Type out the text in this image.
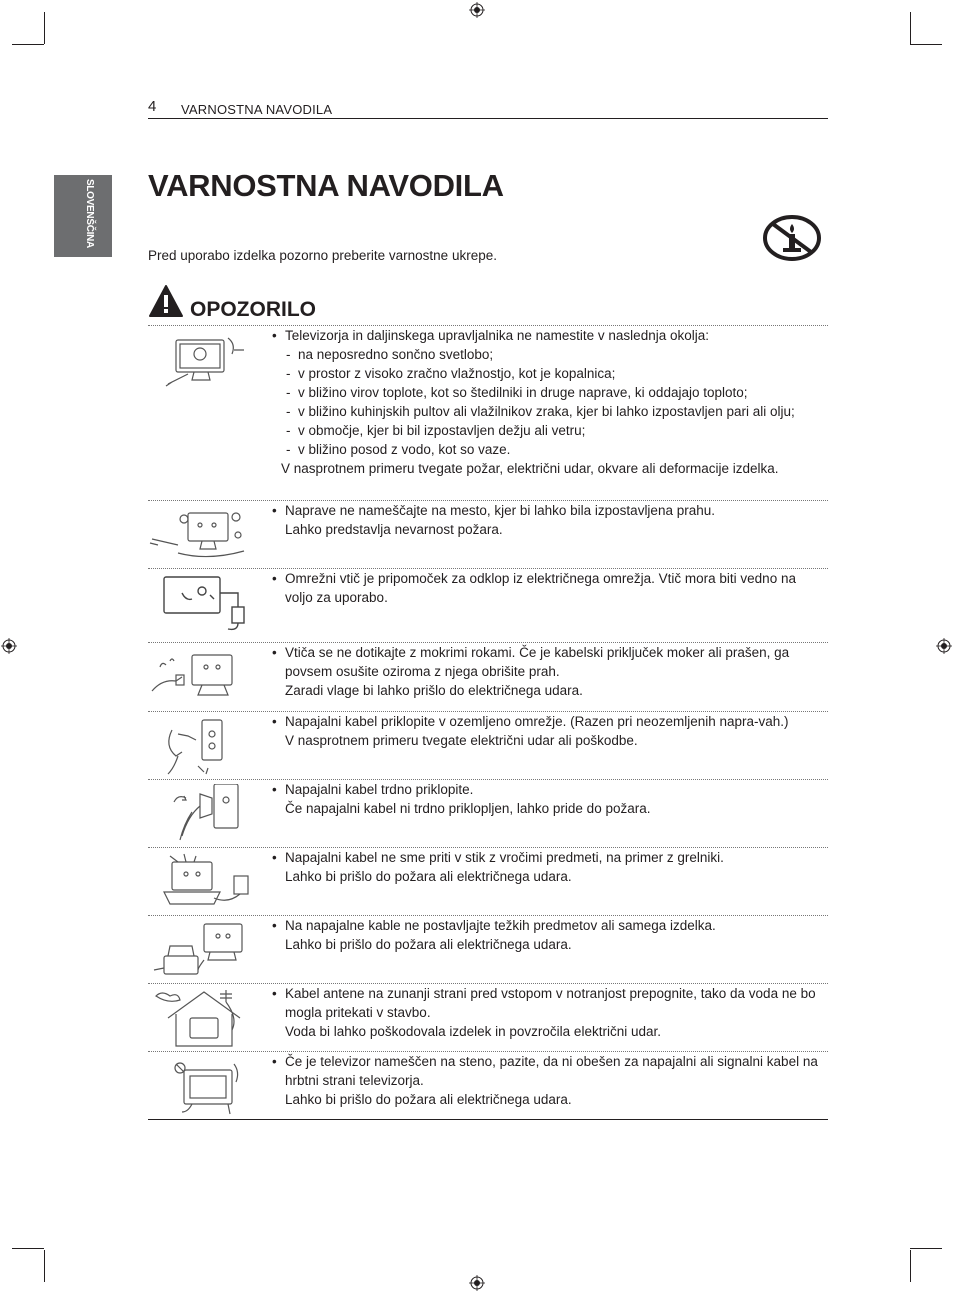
4 VARNOSTNA NAVODILA
SLOVENŠČINA VARNOSTNA NAVODILA

Pred uporabo izdelka pozorno preberite varnostne ukrepe.

OPOZORILO
• Televizorja in daljinskega upravljalnika ne namestite v naslednja okolja:
- na neposredno sončno svetlobo;
- v prostor z visoko zračno vlažnostjo, kot je kopalnica;
- v bližino virov toplote, kot so štedilniki in druge naprave, ki oddajajo toploto;
- v bližino kuhinjskih pultov ali vlažilnikov zraka, kjer bi lahko izpostavljen pari ali olju;
- v območje, kjer bi bil izpostavljen dežju ali vetru;
- v bližino posod z vodo, kot so vaze.
V nasprotnem primeru tvegate požar, električni udar, okvare ali deformacije izdelka.
• Naprave ne nameščajte na mesto, kjer bi lahko bila izpostavljena prahu.
Lahko predstavlja nevarnost požara.
• Omrežni vtič je pripomoček za odklop iz električnega omrežja. Vtič mora biti vedno na voljo za uporabo.
• Vtiča se ne dotikajte z mokrimi rokami. Če je kabelski priključek moker ali prašen, ga povsem osušite oziroma z njega obrišite prah.
Zaradi vlage bi lahko prišlo do električnega udara.
• Napajalni kabel priklopite v ozemljeno omrežje. (Razen pri neozemljenih napra-vah.)
V nasprotnem primeru tvegate električni udar ali poškodbe.
• Napajalni kabel trdno priklopite.
Če napajalni kabel ni trdno priklopljen, lahko pride do požara.
• Napajalni kabel ne sme priti v stik z vročimi predmeti, na primer z grelniki.
Lahko bi prišlo do požara ali električnega udara.
• Na napajalne kable ne postavljajte težkih predmetov ali samega izdelka.
Lahko bi prišlo do požara ali električnega udara.
• Kabel antene na zunanji strani pred vstopom v notranjost prepognite, tako da voda ne bo mogla pritekati v stavbo.
Voda bi lahko poškodovala izdelek in povzročila električni udar.
• Če je televizor nameščen na steno, pazite, da ni obešen za napajalni ali signalni kabel na hrbtni strani televizorja.
Lahko bi prišlo do požara ali električnega udara.
